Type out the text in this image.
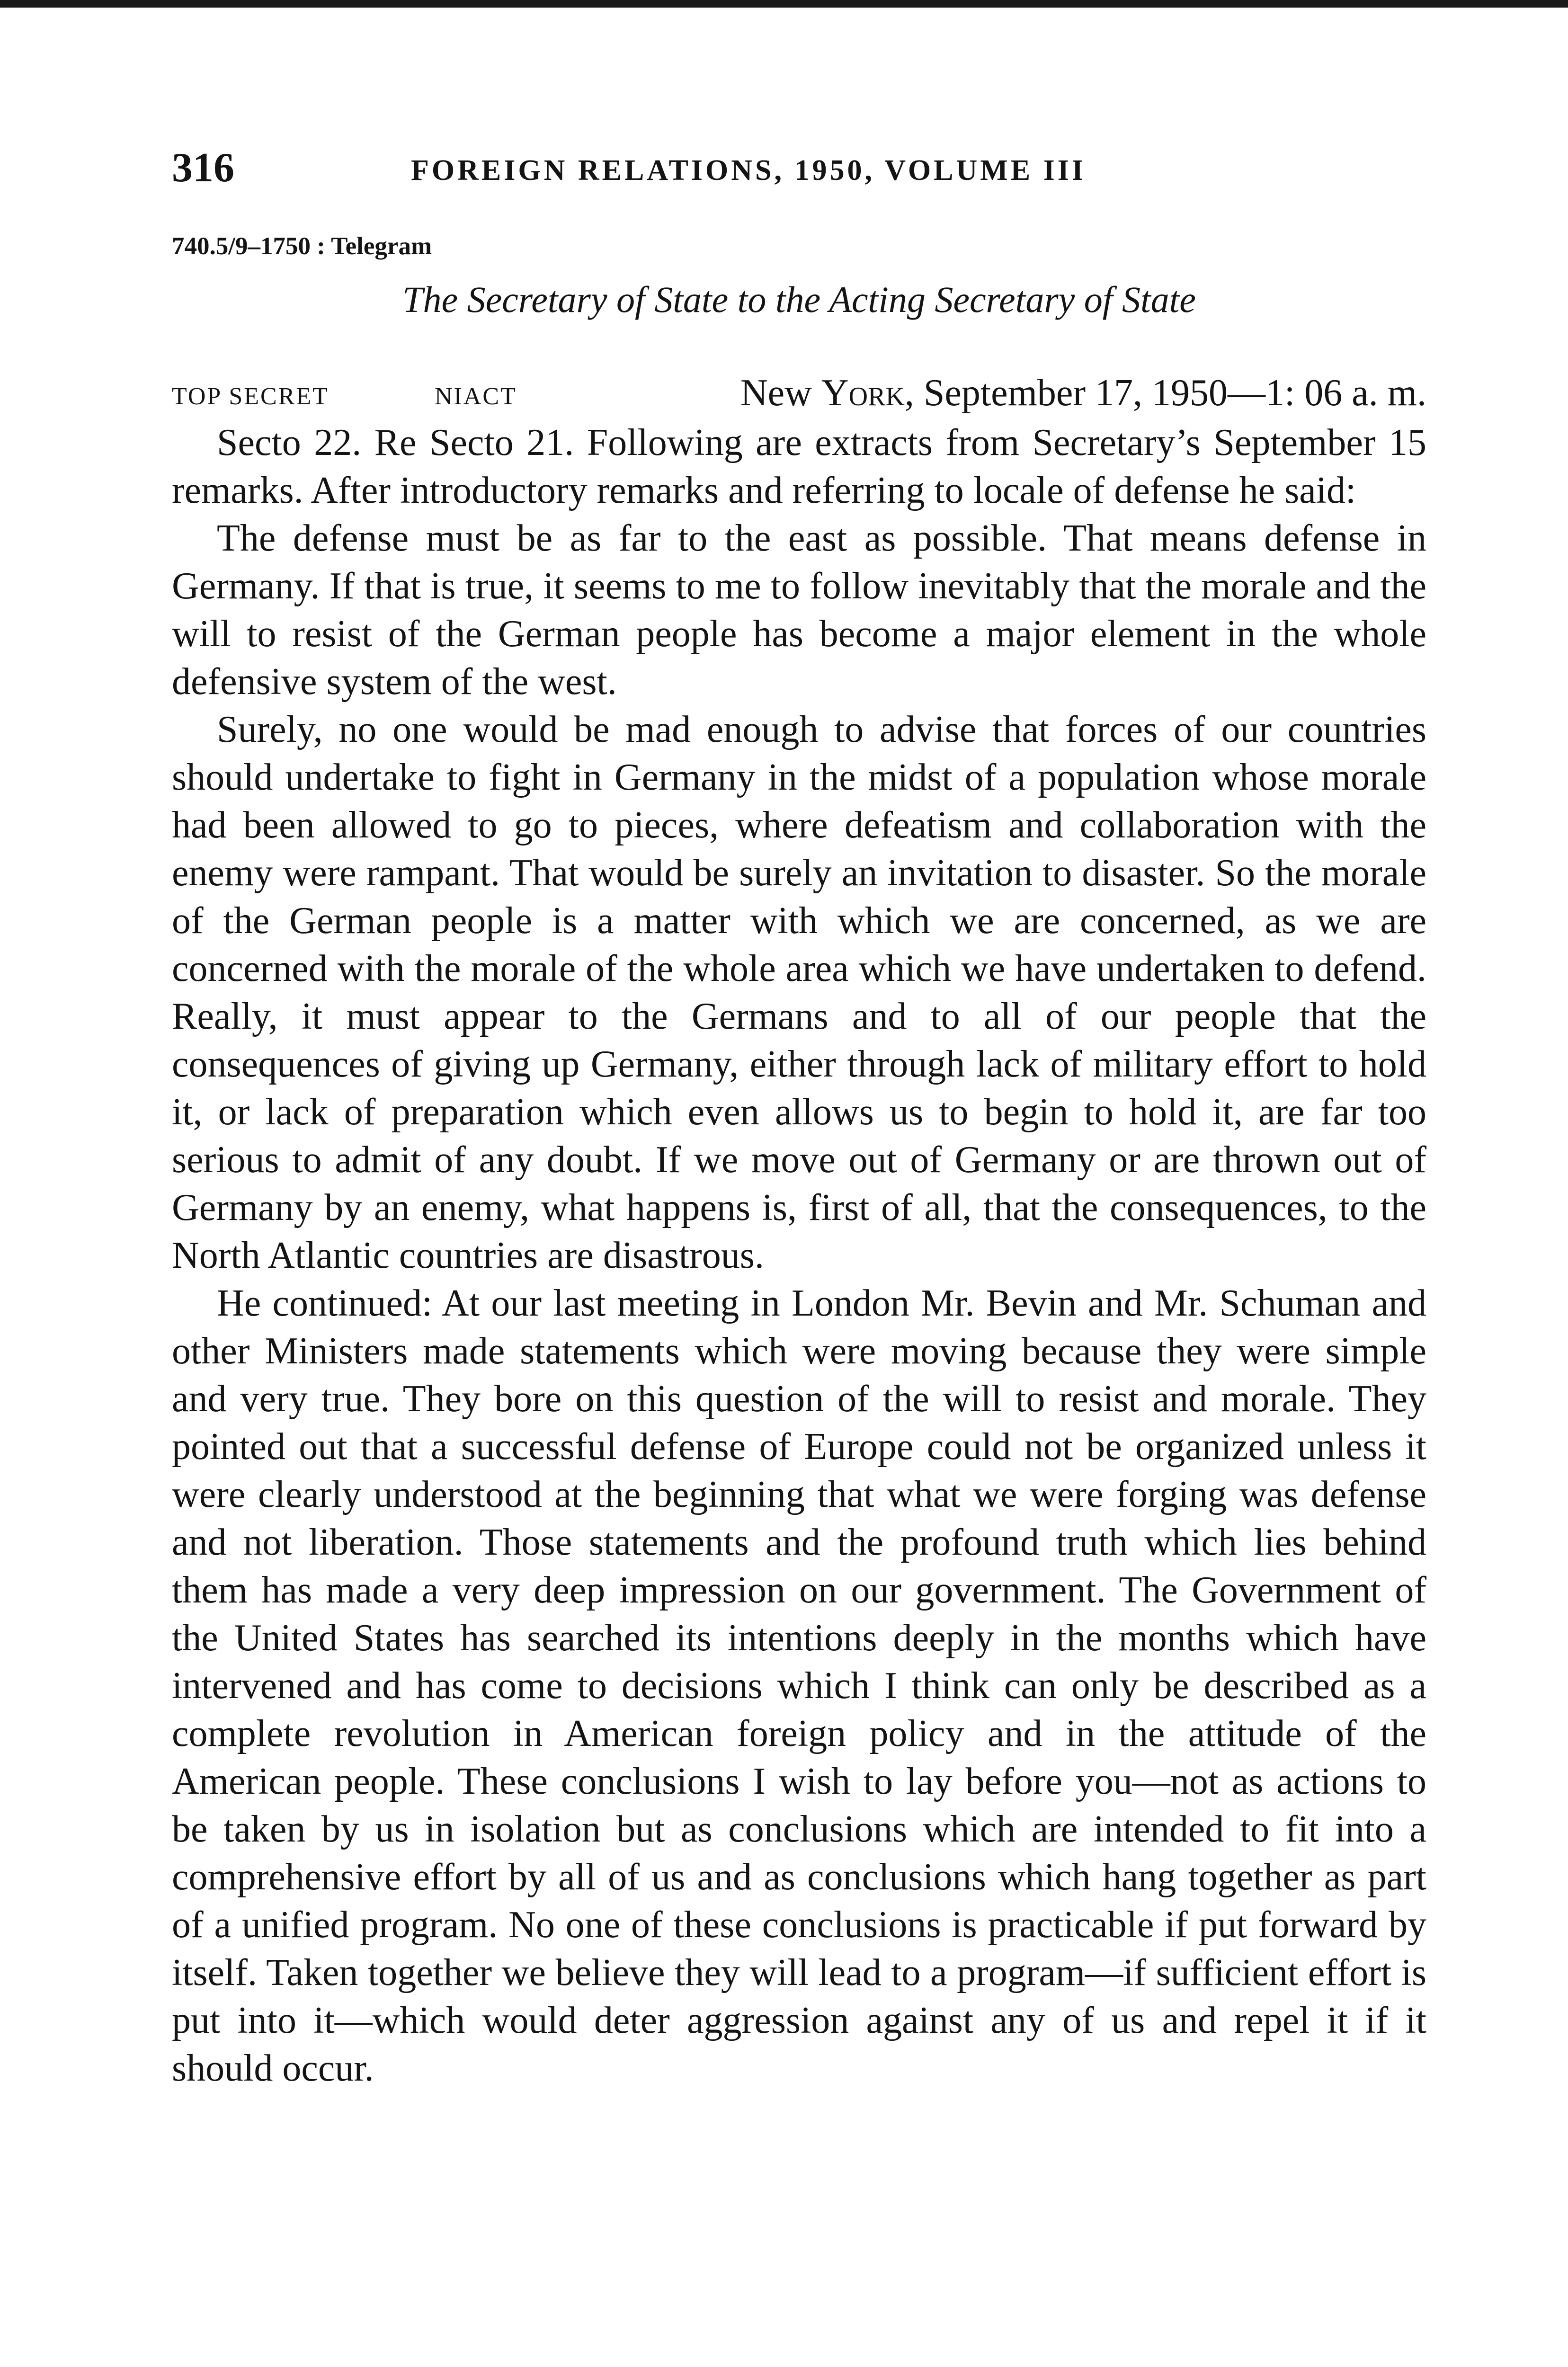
316	FOREIGN RELATIONS, 1950, VOLUME III
740.5/9–1750 : Telegram
The Secretary of State to the Acting Secretary of State
TOP SECRET	NIACT	New York, September 17, 1950—1: 06 a. m.

Secto 22. Re Secto 21. Following are extracts from Secretary’s September 15 remarks. After introductory remarks and referring to locale of defense he said:

The defense must be as far to the east as possible. That means defense in Germany. If that is true, it seems to me to follow inevitably that the morale and the will to resist of the German people has become a major element in the whole defensive system of the west.

Surely, no one would be mad enough to advise that forces of our countries should undertake to fight in Germany in the midst of a population whose morale had been allowed to go to pieces, where defeatism and collaboration with the enemy were rampant. That would be surely an invitation to disaster. So the morale of the German people is a matter with which we are concerned, as we are concerned with the morale of the whole area which we have undertaken to defend. Really, it must appear to the Germans and to all of our people that the consequences of giving up Germany, either through lack of military effort to hold it, or lack of preparation which even allows us to begin to hold it, are far too serious to admit of any doubt. If we move out of Germany or are thrown out of Germany by an enemy, what happens is, first of all, that the consequences, to the North Atlantic countries are disastrous.

He continued: At our last meeting in London Mr. Bevin and Mr. Schuman and other Ministers made statements which were moving because they were simple and very true. They bore on this question of the will to resist and morale. They pointed out that a successful defense of Europe could not be organized unless it were clearly understood at the beginning that what we were forging was defense and not liberation. Those statements and the profound truth which lies behind them has made a very deep impression on our government. The Government of the United States has searched its intentions deeply in the months which have intervened and has come to decisions which I think can only be described as a complete revolution in American foreign policy and in the attitude of the American people. These conclusions I wish to lay before you—not as actions to be taken by us in isolation but as conclusions which are intended to fit into a comprehensive effort by all of us and as conclusions which hang together as part of a unified program. No one of these conclusions is practicable if put forward by itself. Taken together we believe they will lead to a program—if sufficient effort is put into it—which would deter aggression against any of us and repel it if it should occur.
